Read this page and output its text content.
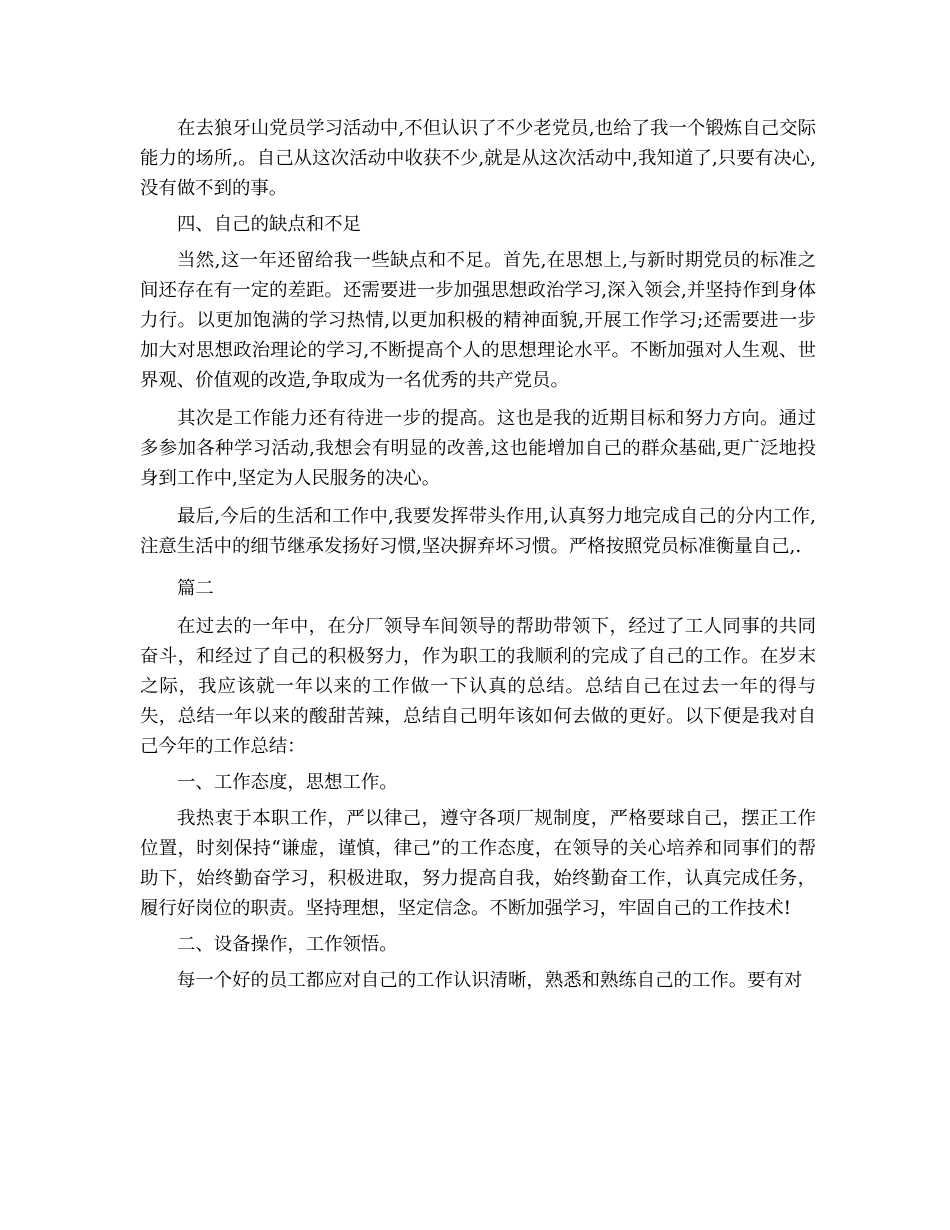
在去狼牙山党员学习活动中,不但认识了不少老党员,也给了我一个锻炼自己交际能力的场所,。自己从这次活动中收获不少,就是从这次活动中,我知道了,只要有决心,没有做不到的事。

四、自己的缺点和不足

当然,这一年还留给我一些缺点和不足。首先,在思想上,与新时期党员的标准之间还存在有一定的差距。还需要进一步加强思想政治学习,深入领会,并坚持作到身体力行。以更加饱满的学习热情,以更加积极的精神面貌,开展工作学习;还需要进一步加大对思想政治理论的学习,不断提高个人的思想理论水平。不断加强对人生观、世界观、价值观的改造,争取成为一名优秀的共产党员。

其次是工作能力还有待进一步的提高。这也是我的近期目标和努力方向。通过多参加各种学习活动,我想会有明显的改善,这也能增加自己的群众基础,更广泛地投身到工作中,坚定为人民服务的决心。

最后,今后的生活和工作中,我要发挥带头作用,认真努力地完成自己的分内工作,注意生活中的细节继承发扬好习惯,坚决摒弃坏习惯。严格按照党员标准衡量自己,.

篇二

在过去的一年中，在分厂领导车间领导的帮助带领下，经过了工人同事的共同奋斗，和经过了自己的积极努力，作为职工的我顺利的完成了自己的工作。在岁末之际，我应该就一年以来的工作做一下认真的总结。总结自己在过去一年的得与失，总结一年以来的酸甜苦辣，总结自己明年该如何去做的更好。以下便是我对自己今年的工作总结：

一、工作态度，思想工作。

我热衷于本职工作，严以律己，遵守各项厂规制度，严格要球自己，摆正工作位置，时刻保持“谦虚，谨慎，律己”的工作态度，在领导的关心培养和同事们的帮助下，始终勤奋学习，积极进取，努力提高自我，始终勤奋工作，认真完成任务，履行好岗位的职责。坚持理想，坚定信念。不断加强学习，牢固自己的工作技术!

二、设备操作，工作领悟。

每一个好的员工都应对自己的工作认识清晰，熟悉和熟练自己的工作。要有对
